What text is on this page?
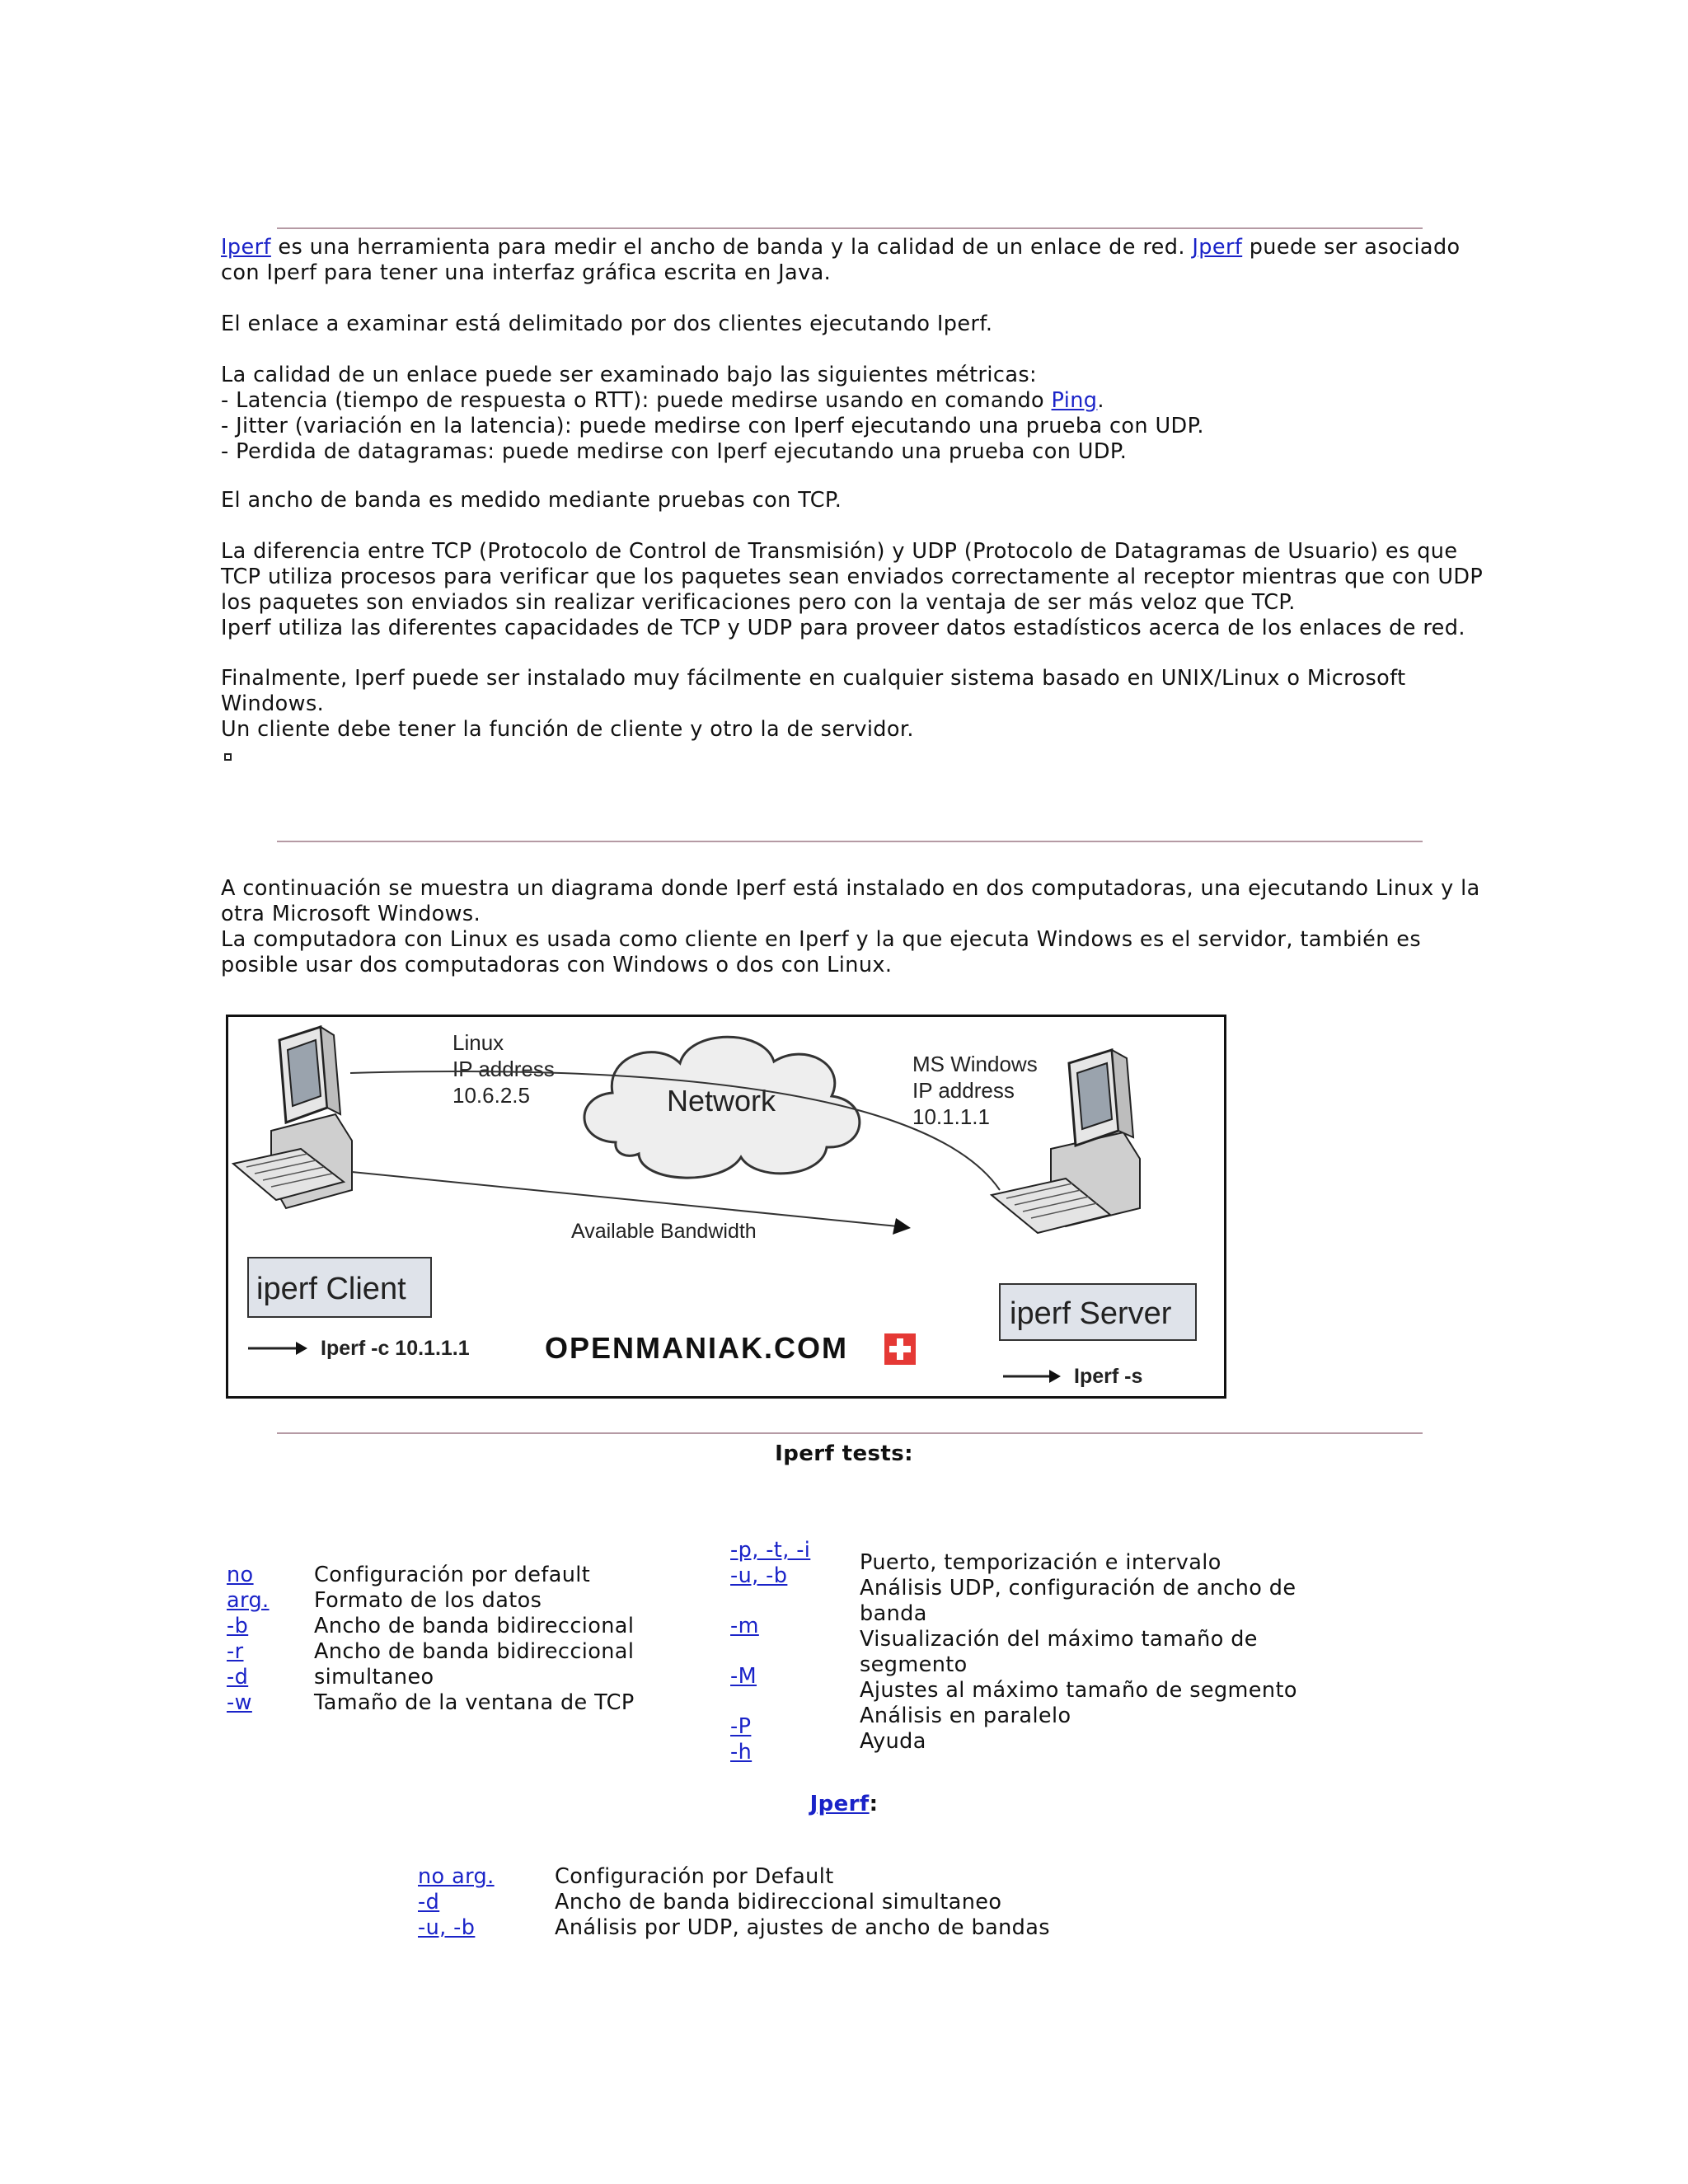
Iperf es una herramienta para medir el ancho de banda y la calidad de un enlace de red. Jperf puede ser asociado con Iperf para tener una interfaz gráfica escrita en Java.

El enlace a examinar está delimitado por dos clientes ejecutando Iperf.

La calidad de un enlace puede ser examinado bajo las siguientes métricas:

- Latencia (tiempo de respuesta o RTT): puede medirse usando en comando Ping.

- Jitter (variación en la latencia): puede medirse con Iperf ejecutando una prueba con UDP.

- Perdida de datagramas: puede medirse con Iperf ejecutando una prueba con UDP.

El ancho de banda es medido mediante pruebas con TCP.

La diferencia entre TCP (Protocolo de Control de Transmisión) y UDP (Protocolo de Datagramas de Usuario) es que TCP utiliza procesos para verificar que los paquetes sean enviados correctamente al receptor mientras que con UDP los paquetes son enviados sin realizar verificaciones pero con la ventaja de ser más veloz que TCP.

Iperf utiliza las diferentes capacidades de TCP y UDP para proveer datos estadísticos acerca de los enlaces de red.

Finalmente, Iperf puede ser instalado muy fácilmente en cualquier sistema basado en UNIX/Linux o Microsoft Windows.

Un cliente debe tener la función de cliente y otro la de servidor.

A continuación se muestra un diagrama donde Iperf está instalado en dos computadoras, una ejecutando Linux y la otra Microsoft Windows.

La computadora con Linux es usada como cliente en Iperf y la que ejecuta Windows es el servidor, también es posible usar dos computadoras con Windows o dos con Linux.

Linux
IP address
10.6.2.5	Network
MS Windows
IP address
10.1.1.1
Available Bandwidth
iperf Client
Iperf -c 10.1.1.1	OPENMANIAK.COM
iperf Server
Iperf -s
Iperf tests:
no
arg.
-b
-r
-d
-w
Configuración por default
Formato de los datos
Ancho de banda bidireccional
Ancho de banda bidireccional
simultaneo
Tamaño de la ventana de TCP
-p, -t, -i
-u, -b
-m
-M
-P
-h
Puerto, temporización e intervalo
Análisis UDP, configuración de ancho de
banda
Visualización del máximo tamaño de
segmento
Ajustes al máximo tamaño de segmento
Análisis en paralelo
Ayuda
Jperf:
no arg.
-d
-u, -b
Configuración por Default
Ancho de banda bidireccional simultaneo
Análisis por UDP, ajustes de ancho de bandas
